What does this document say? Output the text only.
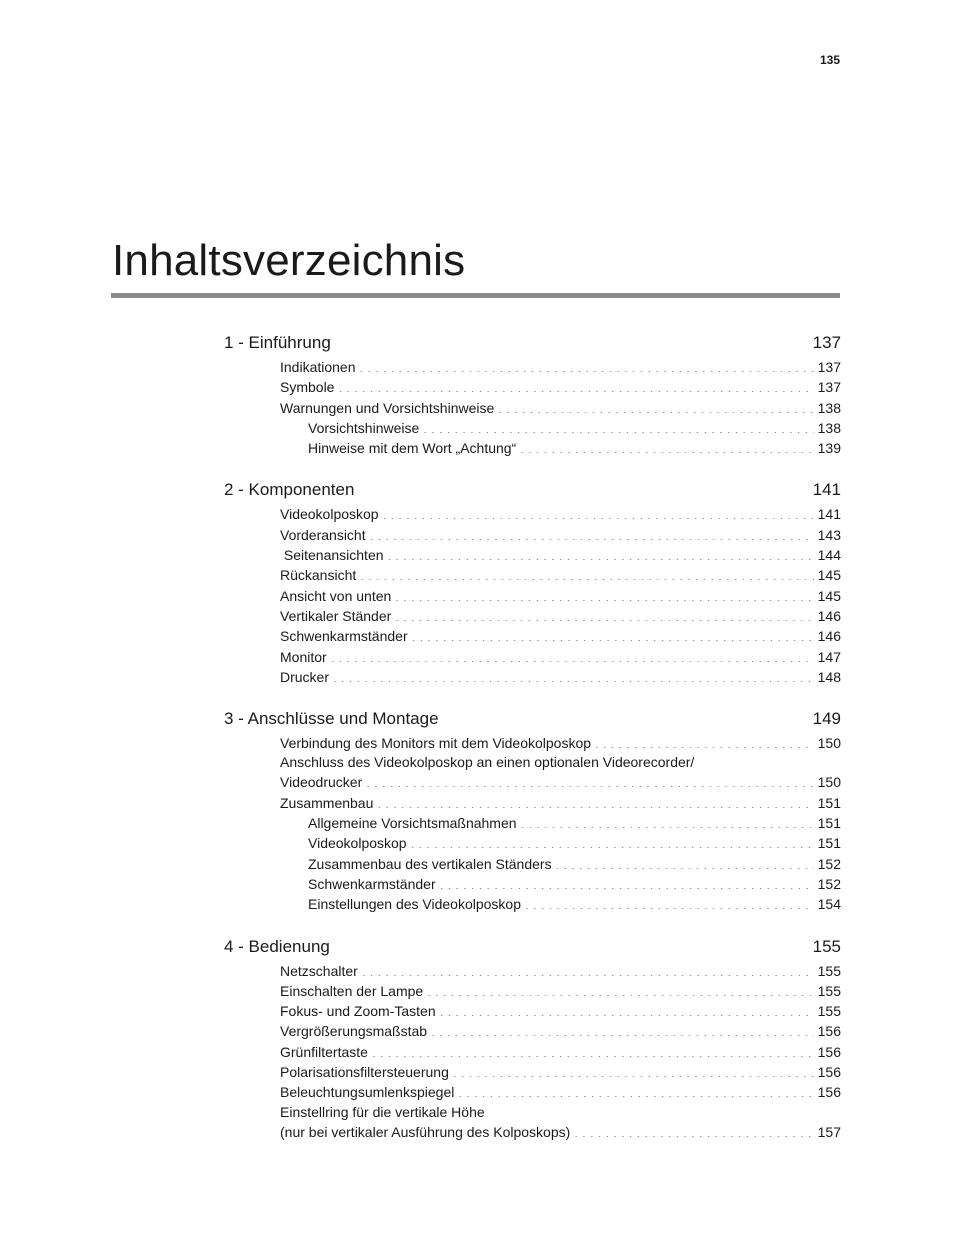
135
Inhaltsverzeichnis
1 - Einführung . . .	137
Indikationen . . .	137
Symbole . . .	137
Warnungen und Vorsichtshinweise . . .	138
Vorsichtshinweise . . .	138
Hinweise mit dem Wort „Achtung“ . . .	139
2 - Komponenten . . .	141
Videokolposkop . . .	141
Vorderansicht . . .	143
Seitenansichten . . .	144
Rückansicht . . .	145
Ansicht von unten . . .	145
Vertikaler Ständer . . .	146
Schwenkarmständer . . .	146
Monitor . . .	147
Drucker . . .	148
3 - Anschlüsse und Montage . . .	149
Verbindung des Monitors mit dem Videokolposkop . . .	150
Anschluss des Videokolposkop an einen optionalen Videorecorder/
Videodrucker . . .	150
Zusammenbau . . .	151
Allgemeine Vorsichtsmaßnahmen . . .	151
Videokolposkop . . .	151
Zusammenbau des vertikalen Ständers . . .	152
Schwenkarmständer . . .	152
Einstellungen des Videokolposkop . . .	154
4 - Bedienung . . .	155
Netzschalter . . .	155
Einschalten der Lampe . . .	155
Fokus- und Zoom-Tasten . . .	155
Vergrößerungsmaßstab . . .	156
Grünfiltertaste . . .	156
Polarisationsfiltersteuerung . . .	156
Beleuchtungsumlenkspiegel . . .	156
Einstellring für die vertikale Höhe
(nur bei vertikaler Ausführung des Kolposkops) . . .	157
